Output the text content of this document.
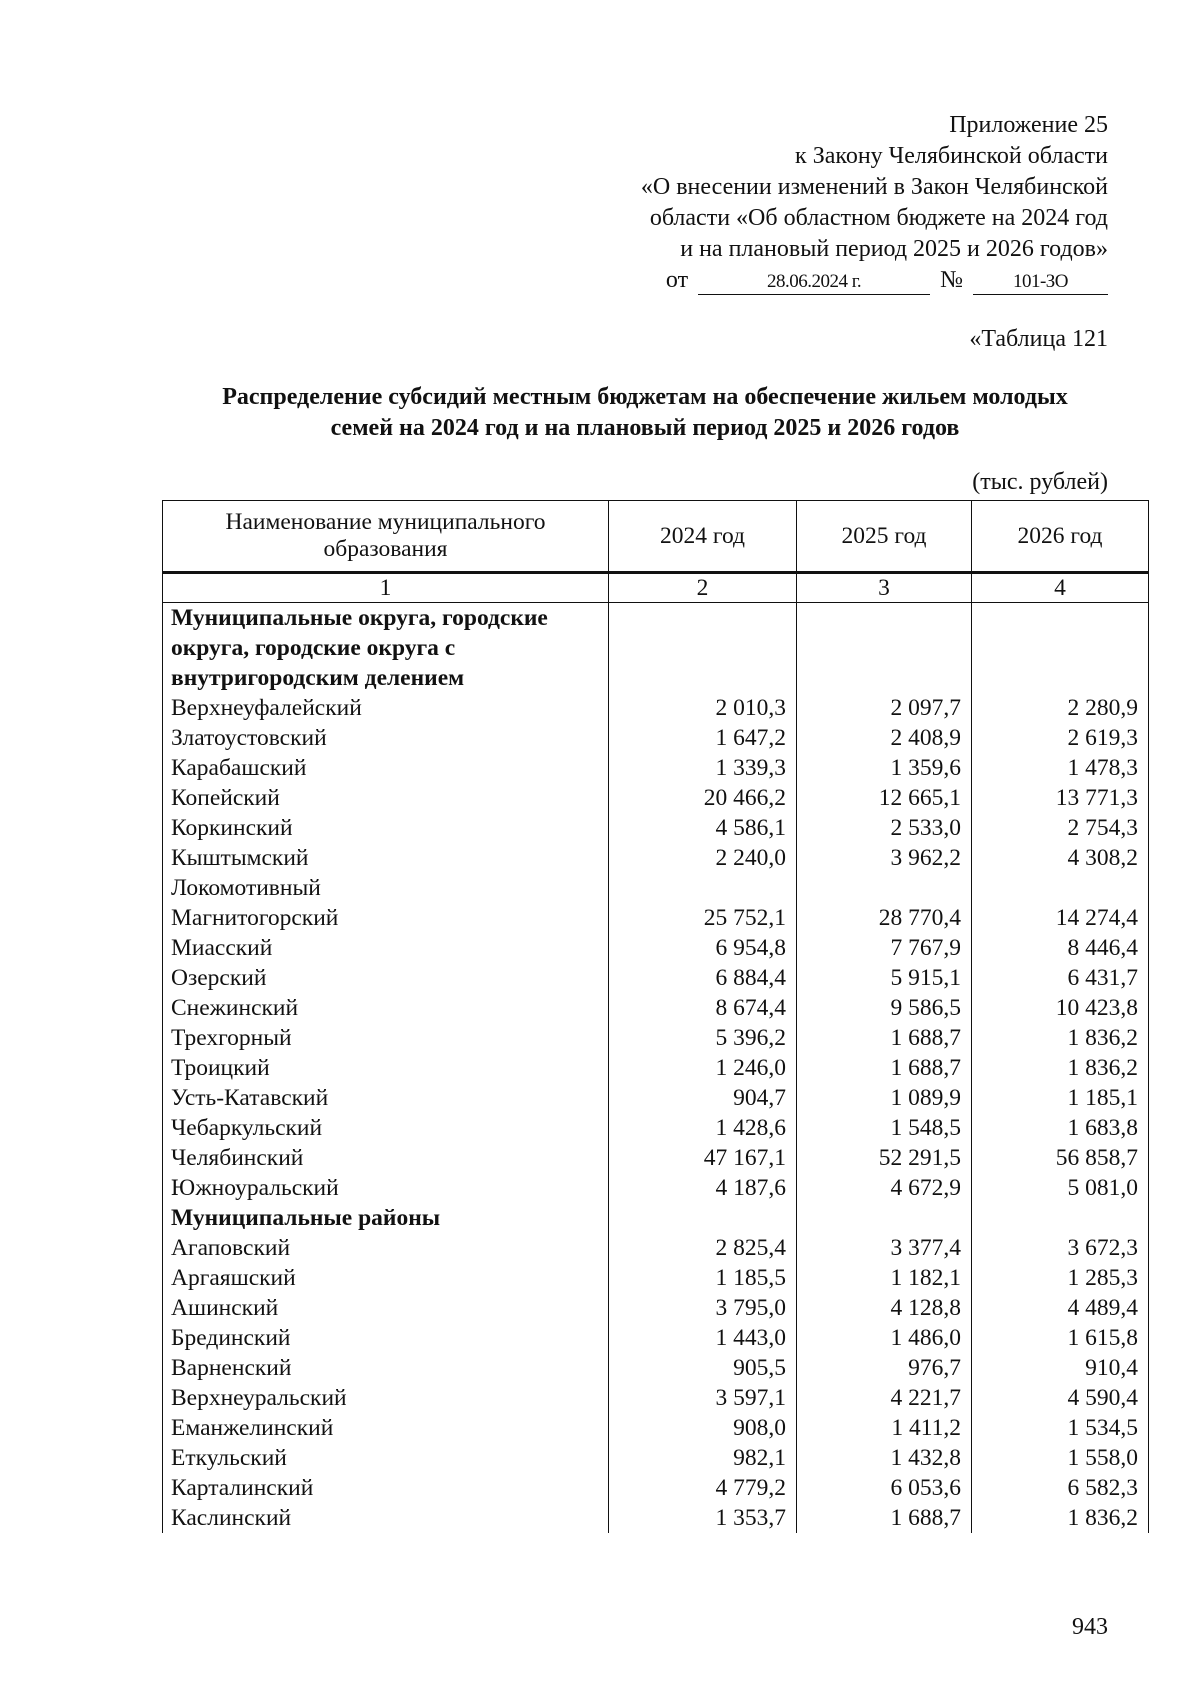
Приложение 25
к Закону Челябинской области
«О внесении изменений в Закон Челябинской
области «Об областном бюджете на 2024 год
и на плановый период 2025 и 2026 годов»
от	28.06.2024 г.	№	101-ЗО
«Таблица 121
Распределение субсидий местным бюджетам на обеспечение жильем молодых
семей на 2024 год и на плановый период 2025 и 2026 годов
(тыс. рублей)
Наименование муниципального образования	2024 год	2025 год	2026 год
1	2	3	4
Муниципальные округа, городские округа, городские округа с внутригородским делением			
Верхнеуфалейский	2 010,3	2 097,7	2 280,9
Златоустовский	1 647,2	2 408,9	2 619,3
Карабашский	1 339,3	1 359,6	1 478,3
Копейский	20 466,2	12 665,1	13 771,3
Коркинский	4 586,1	2 533,0	2 754,3
Кыштымский	2 240,0	3 962,2	4 308,2
Локомотивный			
Магнитогорский	25 752,1	28 770,4	14 274,4
Миасский	6 954,8	7 767,9	8 446,4
Озерский	6 884,4	5 915,1	6 431,7
Снежинский	8 674,4	9 586,5	10 423,8
Трехгорный	5 396,2	1 688,7	1 836,2
Троицкий	1 246,0	1 688,7	1 836,2
Усть-Катавский	904,7	1 089,9	1 185,1
Чебаркульский	1 428,6	1 548,5	1 683,8
Челябинский	47 167,1	52 291,5	56 858,7
Южноуральский	4 187,6	4 672,9	5 081,0
Муниципальные районы			
Агаповский	2 825,4	3 377,4	3 672,3
Аргаяшский	1 185,5	1 182,1	1 285,3
Ашинский	3 795,0	4 128,8	4 489,4
Брединский	1 443,0	1 486,0	1 615,8
Варненский	905,5	976,7	910,4
Верхнеуральский	3 597,1	4 221,7	4 590,4
Еманжелинский	908,0	1 411,2	1 534,5
Еткульский	982,1	1 432,8	1 558,0
Карталинский	4 779,2	6 053,6	6 582,3
Каслинский	1 353,7	1 688,7	1 836,2
943
